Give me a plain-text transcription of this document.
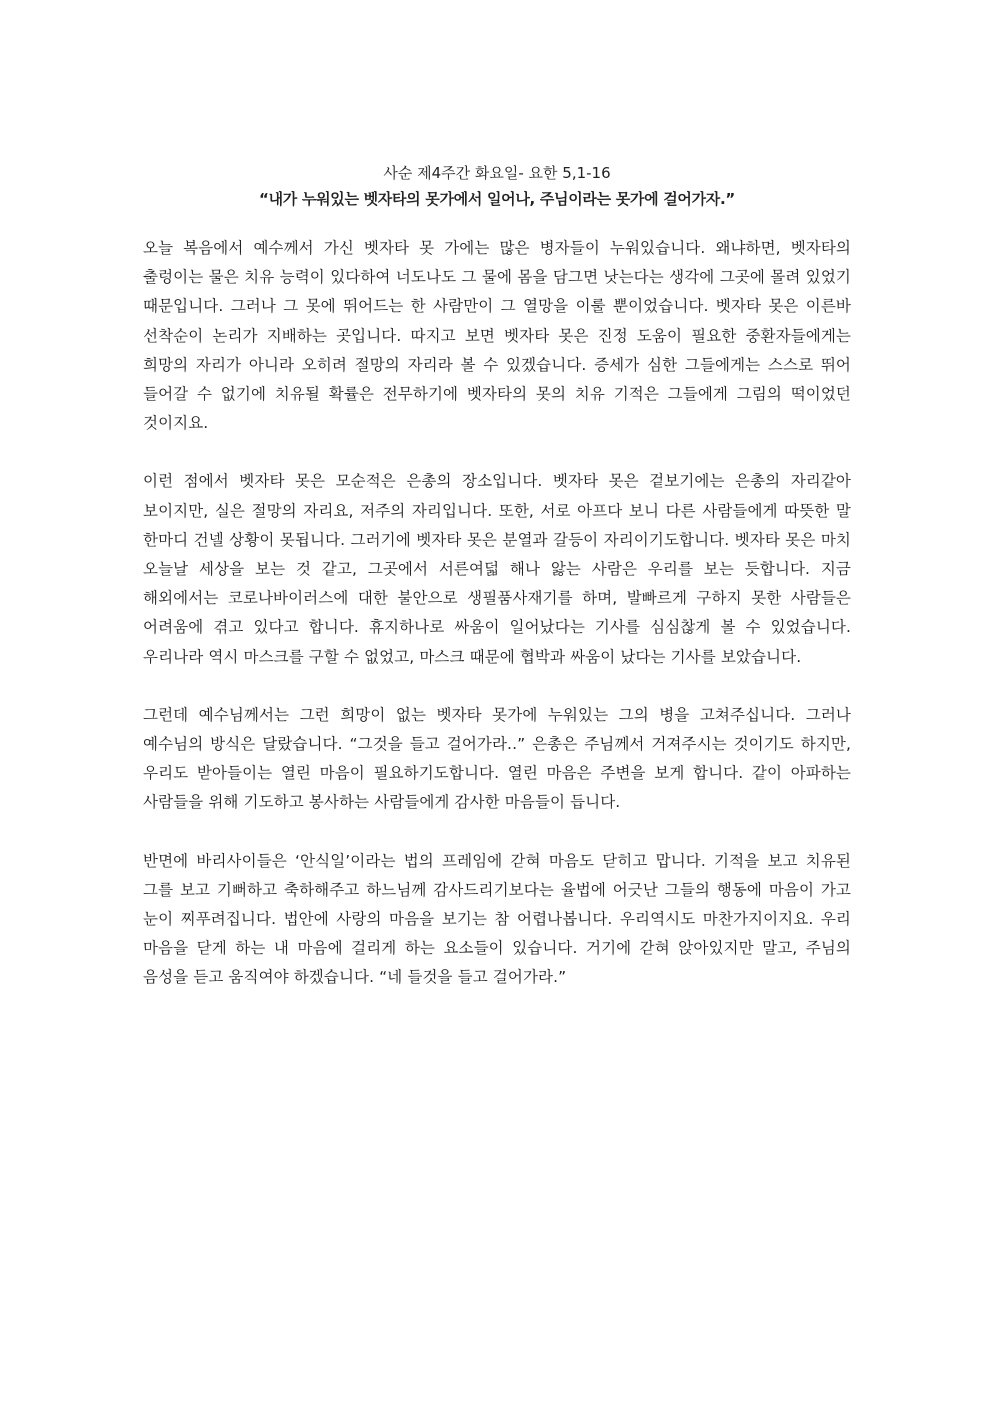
사순 제4주간 화요일- 요한 5,1-16

“내가 누워있는 벳자타의 못가에서 일어나, 주님이라는 못가에 걸어가자.”

오늘 복음에서 예수께서 가신 벳자타 못 가에는 많은 병자들이 누워있습니다. 왜냐하면, 벳자타의 출렁이는 물은 치유 능력이 있다하여 너도나도 그 물에 몸을 담그면 낫는다는 생각에 그곳에 몰려 있었기 때문입니다. 그러나 그 못에 뛰어드는 한 사람만이 그 열망을 이룰 뿐이었습니다. 벳자타 못은 이른바 선착순이 논리가 지배하는 곳입니다. 따지고 보면 벳자타 못은 진정 도움이 필요한 중환자들에게는 희망의 자리가 아니라 오히려 절망의 자리라 볼 수 있겠습니다. 증세가 심한 그들에게는 스스로 뛰어 들어갈 수 없기에 치유될 확률은 전무하기에 벳자타의 못의 치유 기적은 그들에게 그림의 떡이었던 것이지요.

이런 점에서 벳자타 못은 모순적은 은총의 장소입니다. 벳자타 못은 겉보기에는 은총의 자리같아 보이지만, 실은 절망의 자리요, 저주의 자리입니다. 또한, 서로 아프다 보니 다른 사람들에게 따뜻한 말 한마디 건넬 상황이 못됩니다. 그러기에 벳자타 못은 분열과 갈등이 자리이기도합니다. 벳자타 못은 마치 오늘날 세상을 보는 것 같고, 그곳에서 서른여덟 해나 앓는 사람은 우리를 보는 듯합니다. 지금 해외에서는 코로나바이러스에 대한 불안으로 생필품사재기를 하며, 발빠르게 구하지 못한 사람들은 어려움에 겪고 있다고 합니다. 휴지하나로 싸움이 일어났다는 기사를 심심찮게 볼 수 있었습니다. 우리나라 역시 마스크를 구할 수 없었고, 마스크 때문에 협박과 싸움이 났다는 기사를 보았습니다.

그런데 예수님께서는 그런 희망이 없는 벳자타 못가에 누워있는 그의 병을 고쳐주십니다. 그러나 예수님의 방식은 달랐습니다. “그것을 들고 걸어가라..” 은총은 주님께서 거져주시는 것이기도 하지만, 우리도 받아들이는 열린 마음이 필요하기도합니다. 열린 마음은 주변을 보게 합니다. 같이 아파하는 사람들을 위해 기도하고 봉사하는 사람들에게 감사한 마음들이 듭니다.

반면에 바리사이들은 ‘안식일’이라는 법의 프레임에 갇혀 마음도 닫히고 맙니다. 기적을 보고 치유된 그를 보고 기뻐하고 축하해주고 하느님께 감사드리기보다는 율법에 어긋난 그들의 행동에 마음이 가고 눈이 찌푸려집니다. 법안에 사랑의 마음을 보기는 참 어렵나봅니다. 우리역시도 마찬가지이지요. 우리 마음을 닫게 하는 내 마음에 걸리게 하는 요소들이 있습니다. 거기에 갇혀 앉아있지만 말고, 주님의 음성을 듣고 움직여야 하겠습니다. “네 들것을 들고 걸어가라.”
